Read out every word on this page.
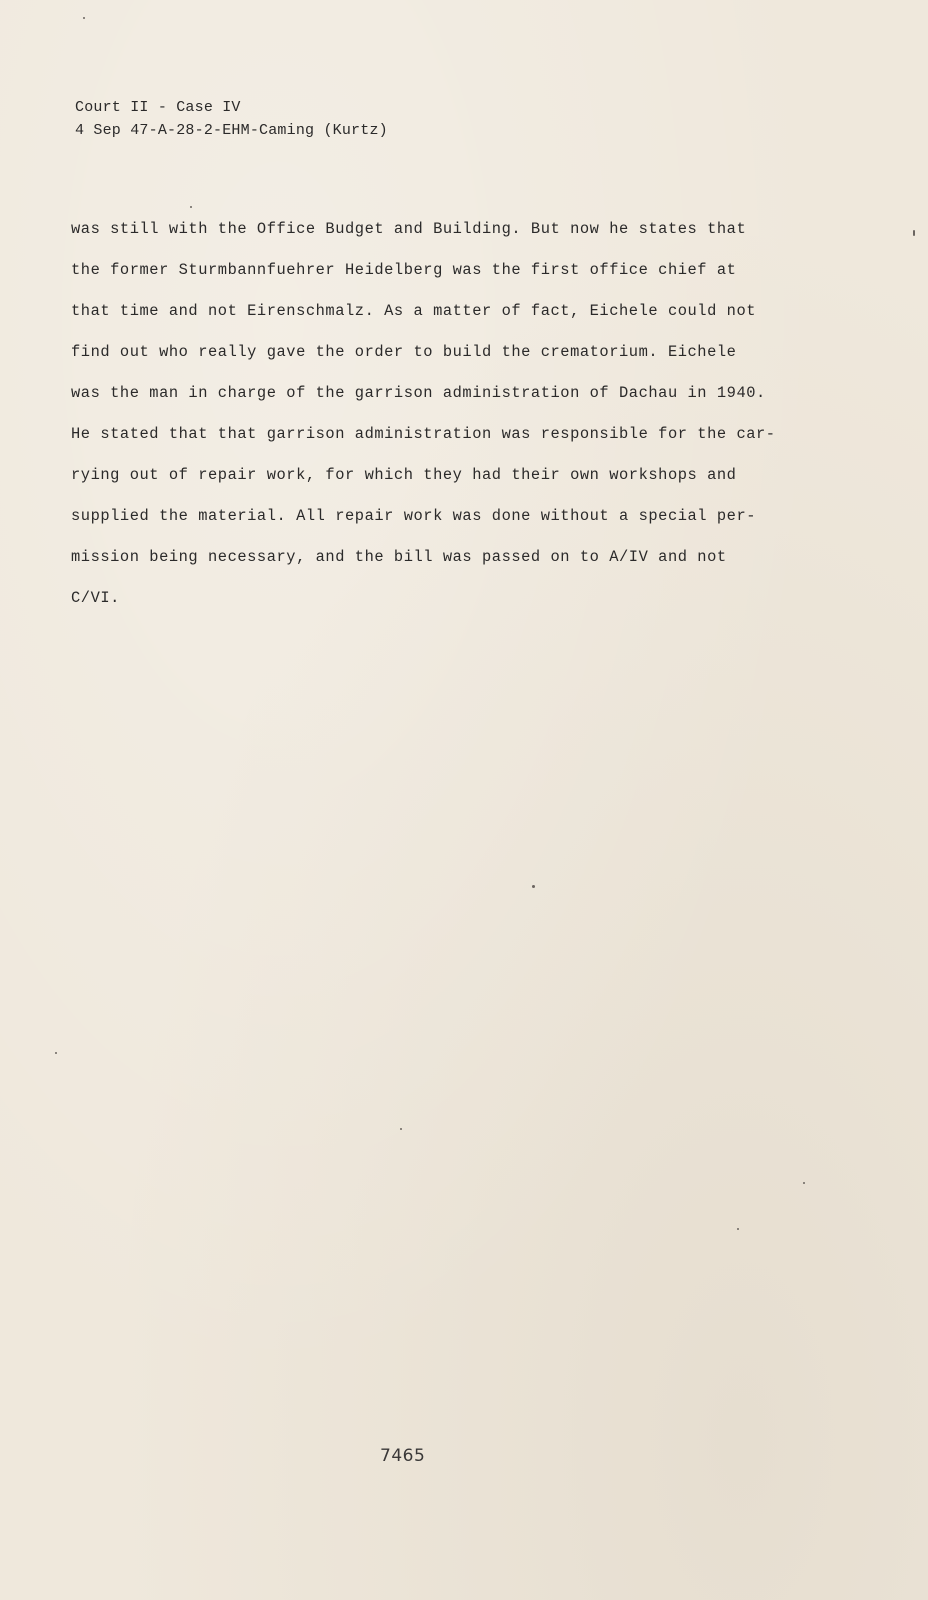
Court II - Case IV
4 Sep 47-A-28-2-EHM-Caming (Kurtz)
was still with the Office Budget and Building. But now he states that
the former Sturmbannfuehrer Heidelberg was the first office chief at
that time and not Eirenschmalz. As a matter of fact, Eichele could not
find out who really gave the order to build the crematorium. Eichele
was the man in charge of the garrison administration of Dachau in 1940.
He stated that that garrison administration was responsible for the car-
rying out of repair work, for which they had their own workshops and
supplied the material. All repair work was done without a special per-
mission being necessary, and the bill was passed on to A/IV and not
C/VI.
7465
